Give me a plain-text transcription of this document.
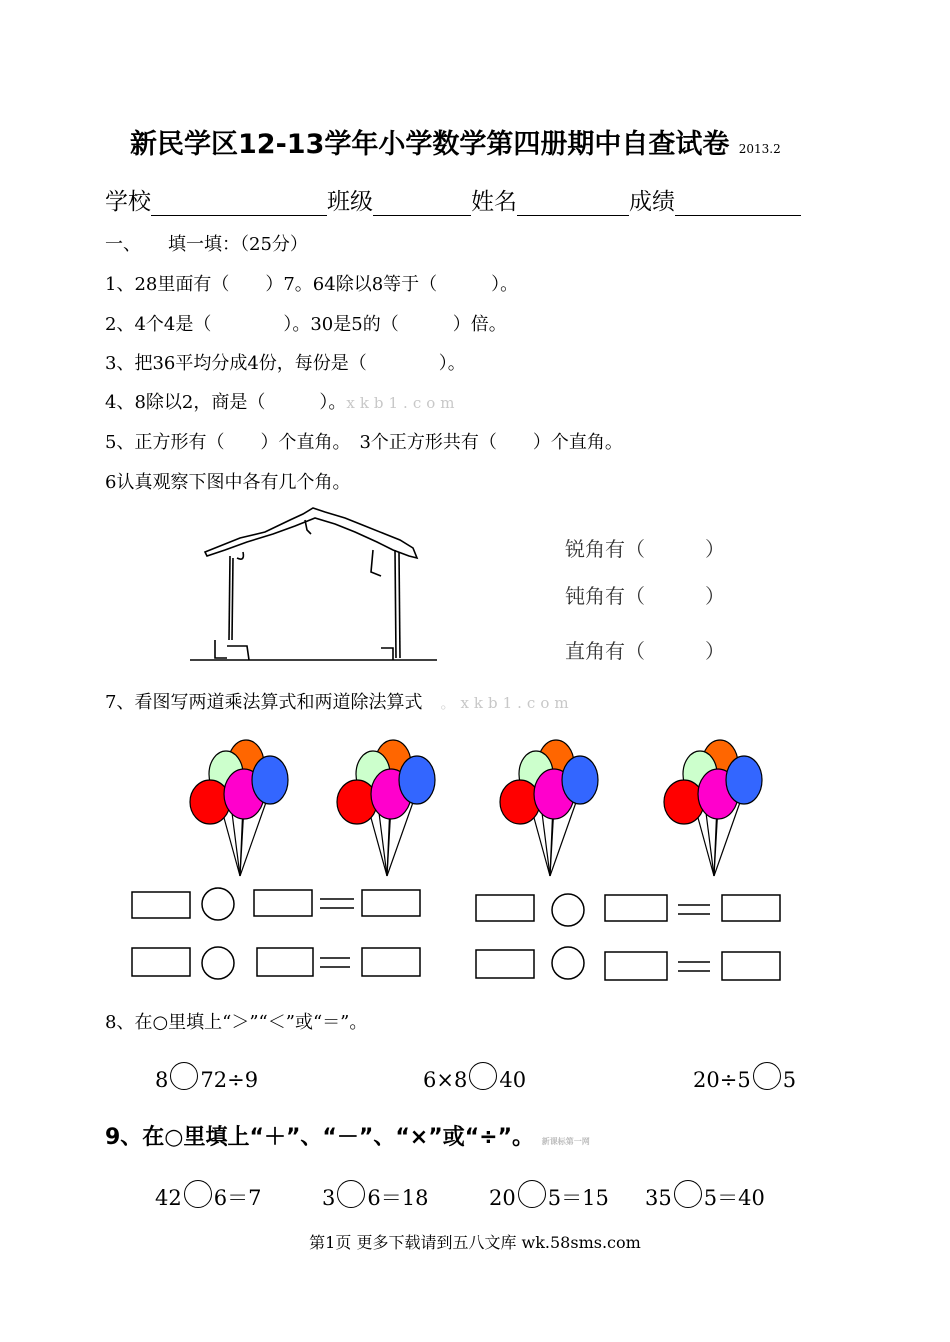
新民学区12-13学年小学数学第四册期中自查试卷 2013.2
学校	班级	姓名	成绩
一、　　填一填：（25分）
1、28里面有（　　）7。64除以8等于（　　　）。
2、4个4是（　　　　）。30是5的（　　　）倍。
3、把36平均分成4份，每份是（　　　　）。
4、8除以2，商是（　　　）。xkb1.com
5、正方形有（　　）个直角。　3个正方形共有（　　）个直角。
6认真观察下图中各有几个角。
锐角有（　　　）
钝角有（　　　）
直角有（　　　）
7、看图写两道乘法算式和两道除法算式　 。xkb1.com
8、在○里填上“＞”“＜”或“＝”。
8 72÷9	6×8 40	20÷5 5
9、在○里填上“＋”、“－”、“×”或“÷”。 新课标第一网
42 6＝7	3 6＝18	20 5＝15 35 5＝40
第1页 更多下载请到五八文库 wk.58sms.com
